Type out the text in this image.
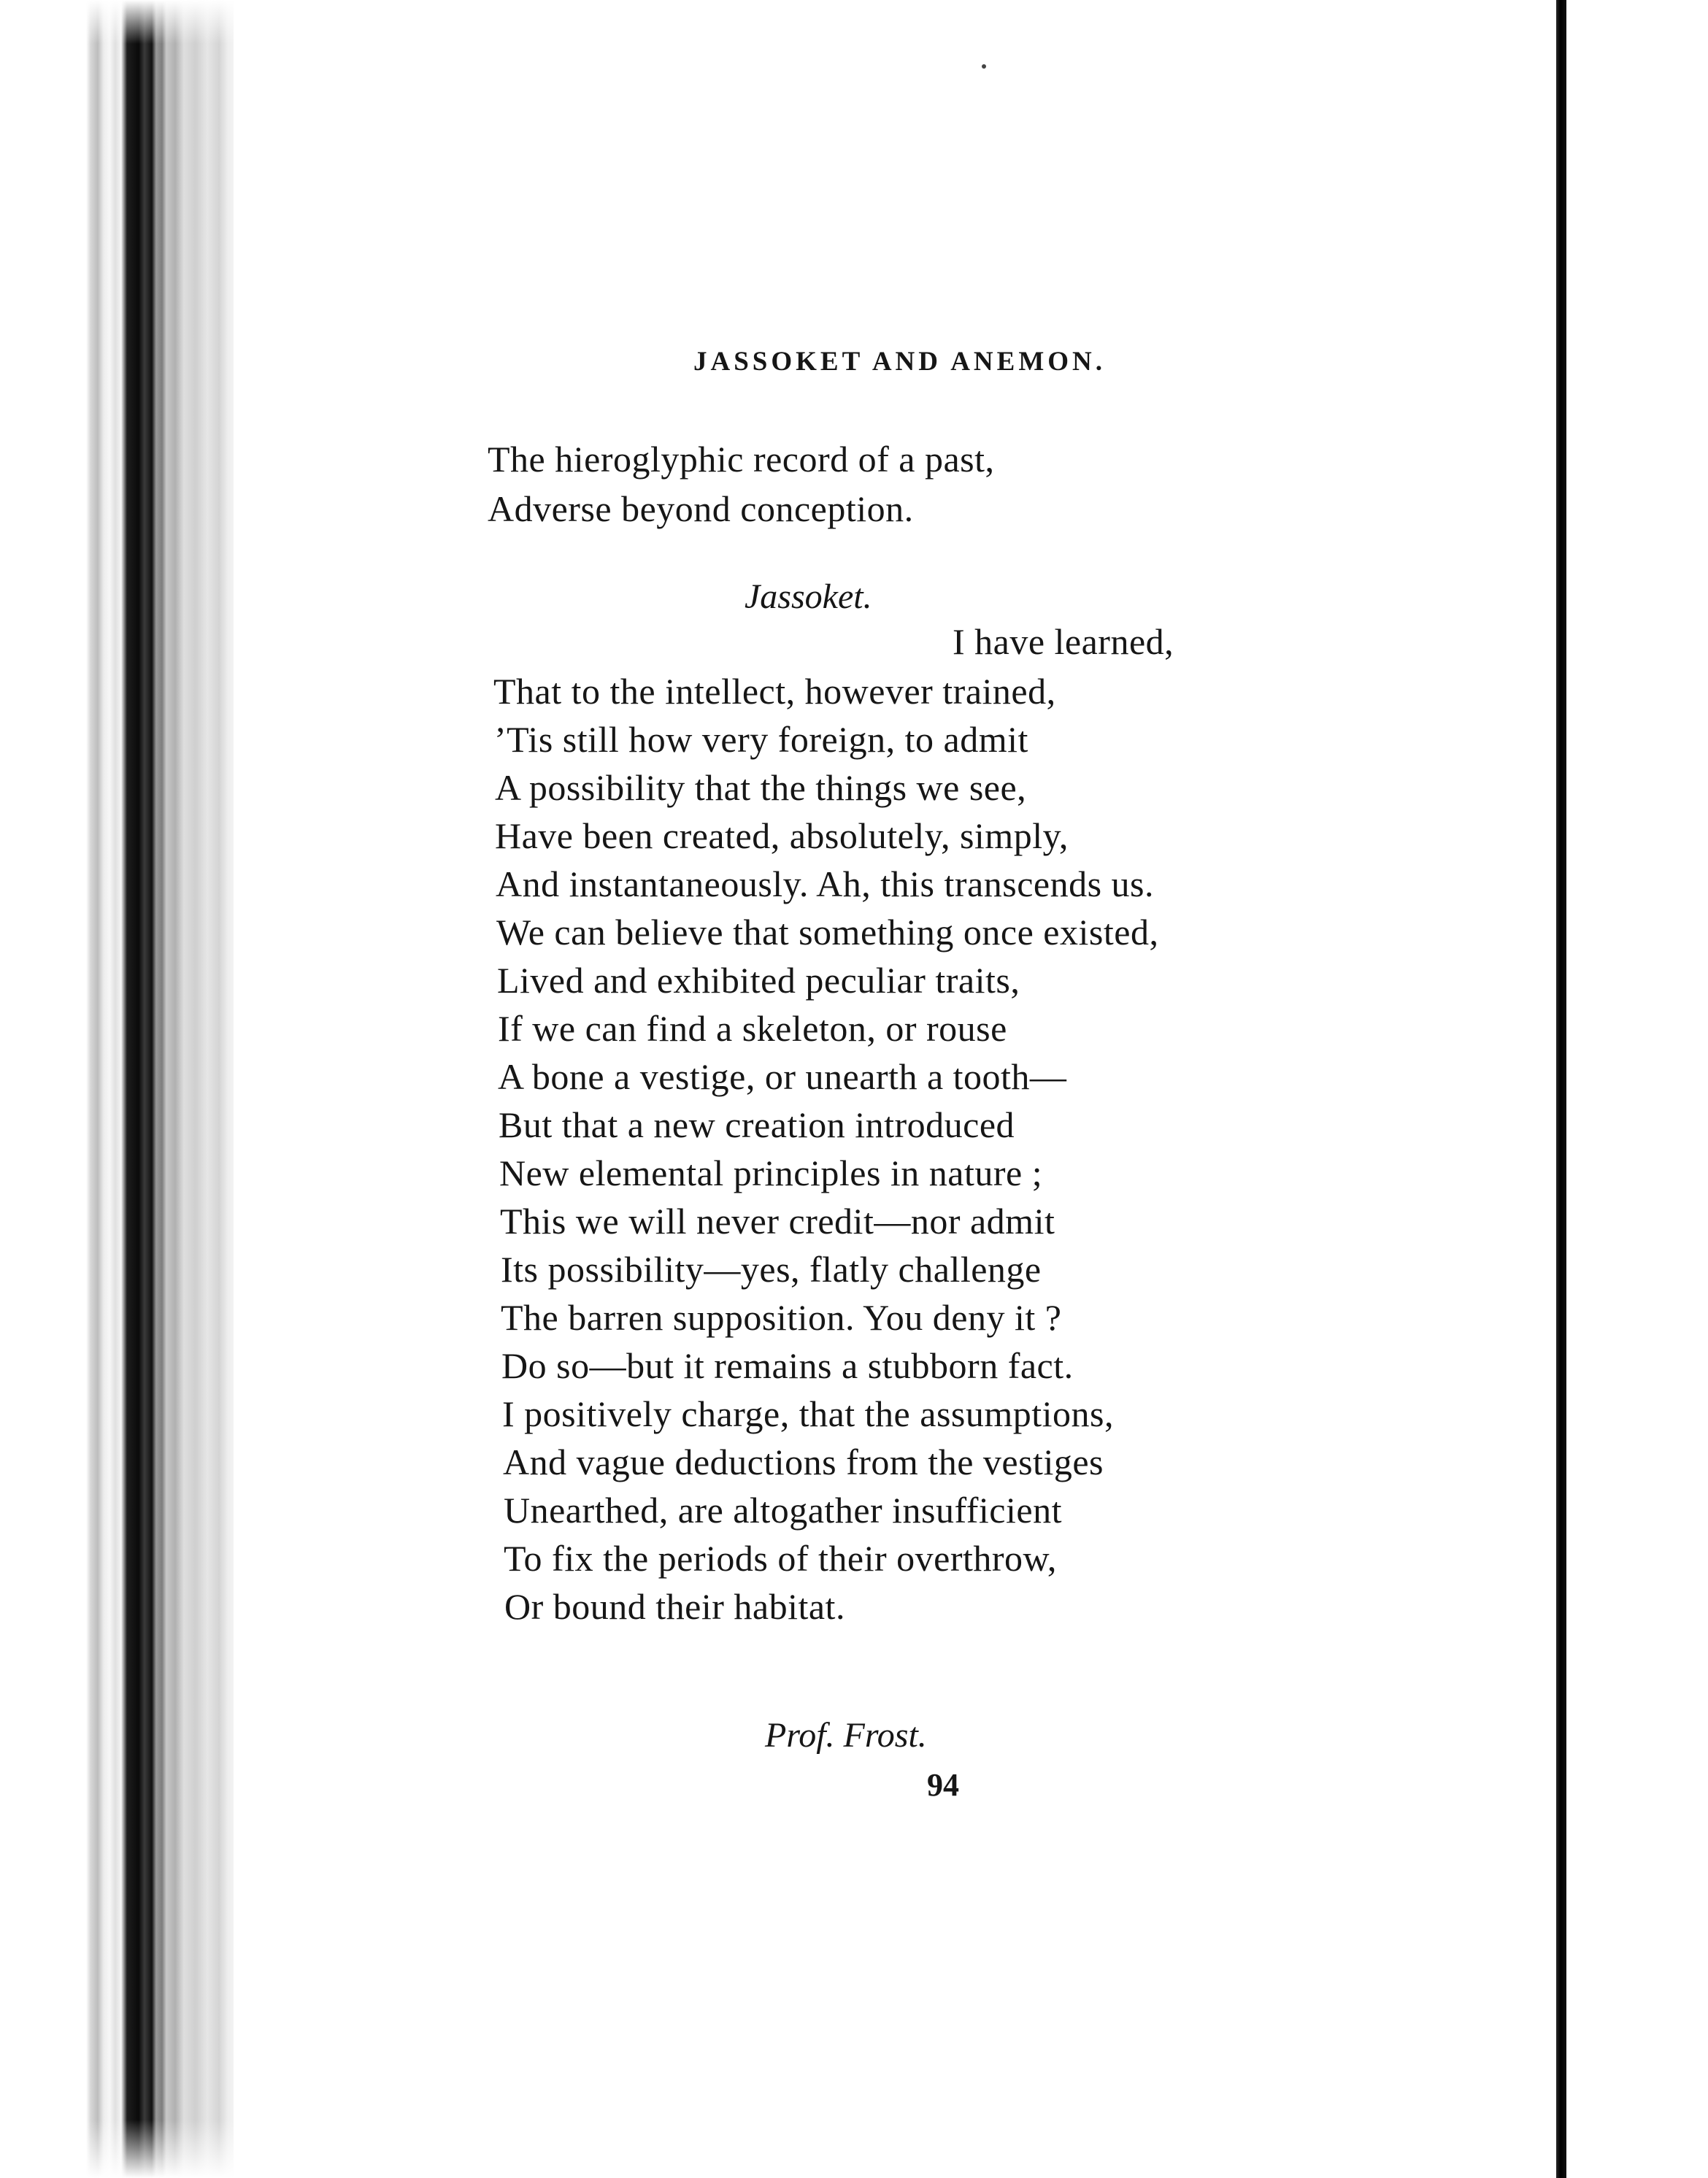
JASSOKET AND ANEMON.
The hieroglyphic record of a past,
Adverse beyond conception.
Jassoket.
I have learned,
That to the intellect, however trained,
’Tis still how very foreign, to admit
A possibility that the things we see,
Have been created, absolutely, simply,
And instantaneously. Ah, this transcends us.
We can believe that something once existed,
Lived and exhibited peculiar traits,
If we can find a skeleton, or rouse
A bone a vestige, or unearth a tooth—
But that a new creation introduced
New elemental principles in nature ;
This we will never credit—nor admit
Its possibility—yes, flatly challenge
The barren supposition. You deny it ?
Do so—but it remains a stubborn fact.
I positively charge, that the assumptions,
And vague deductions from the vestiges
Unearthed, are altogather insufficient
To fix the periods of their overthrow,
Or bound their habitat.
Prof. Frost.
94
